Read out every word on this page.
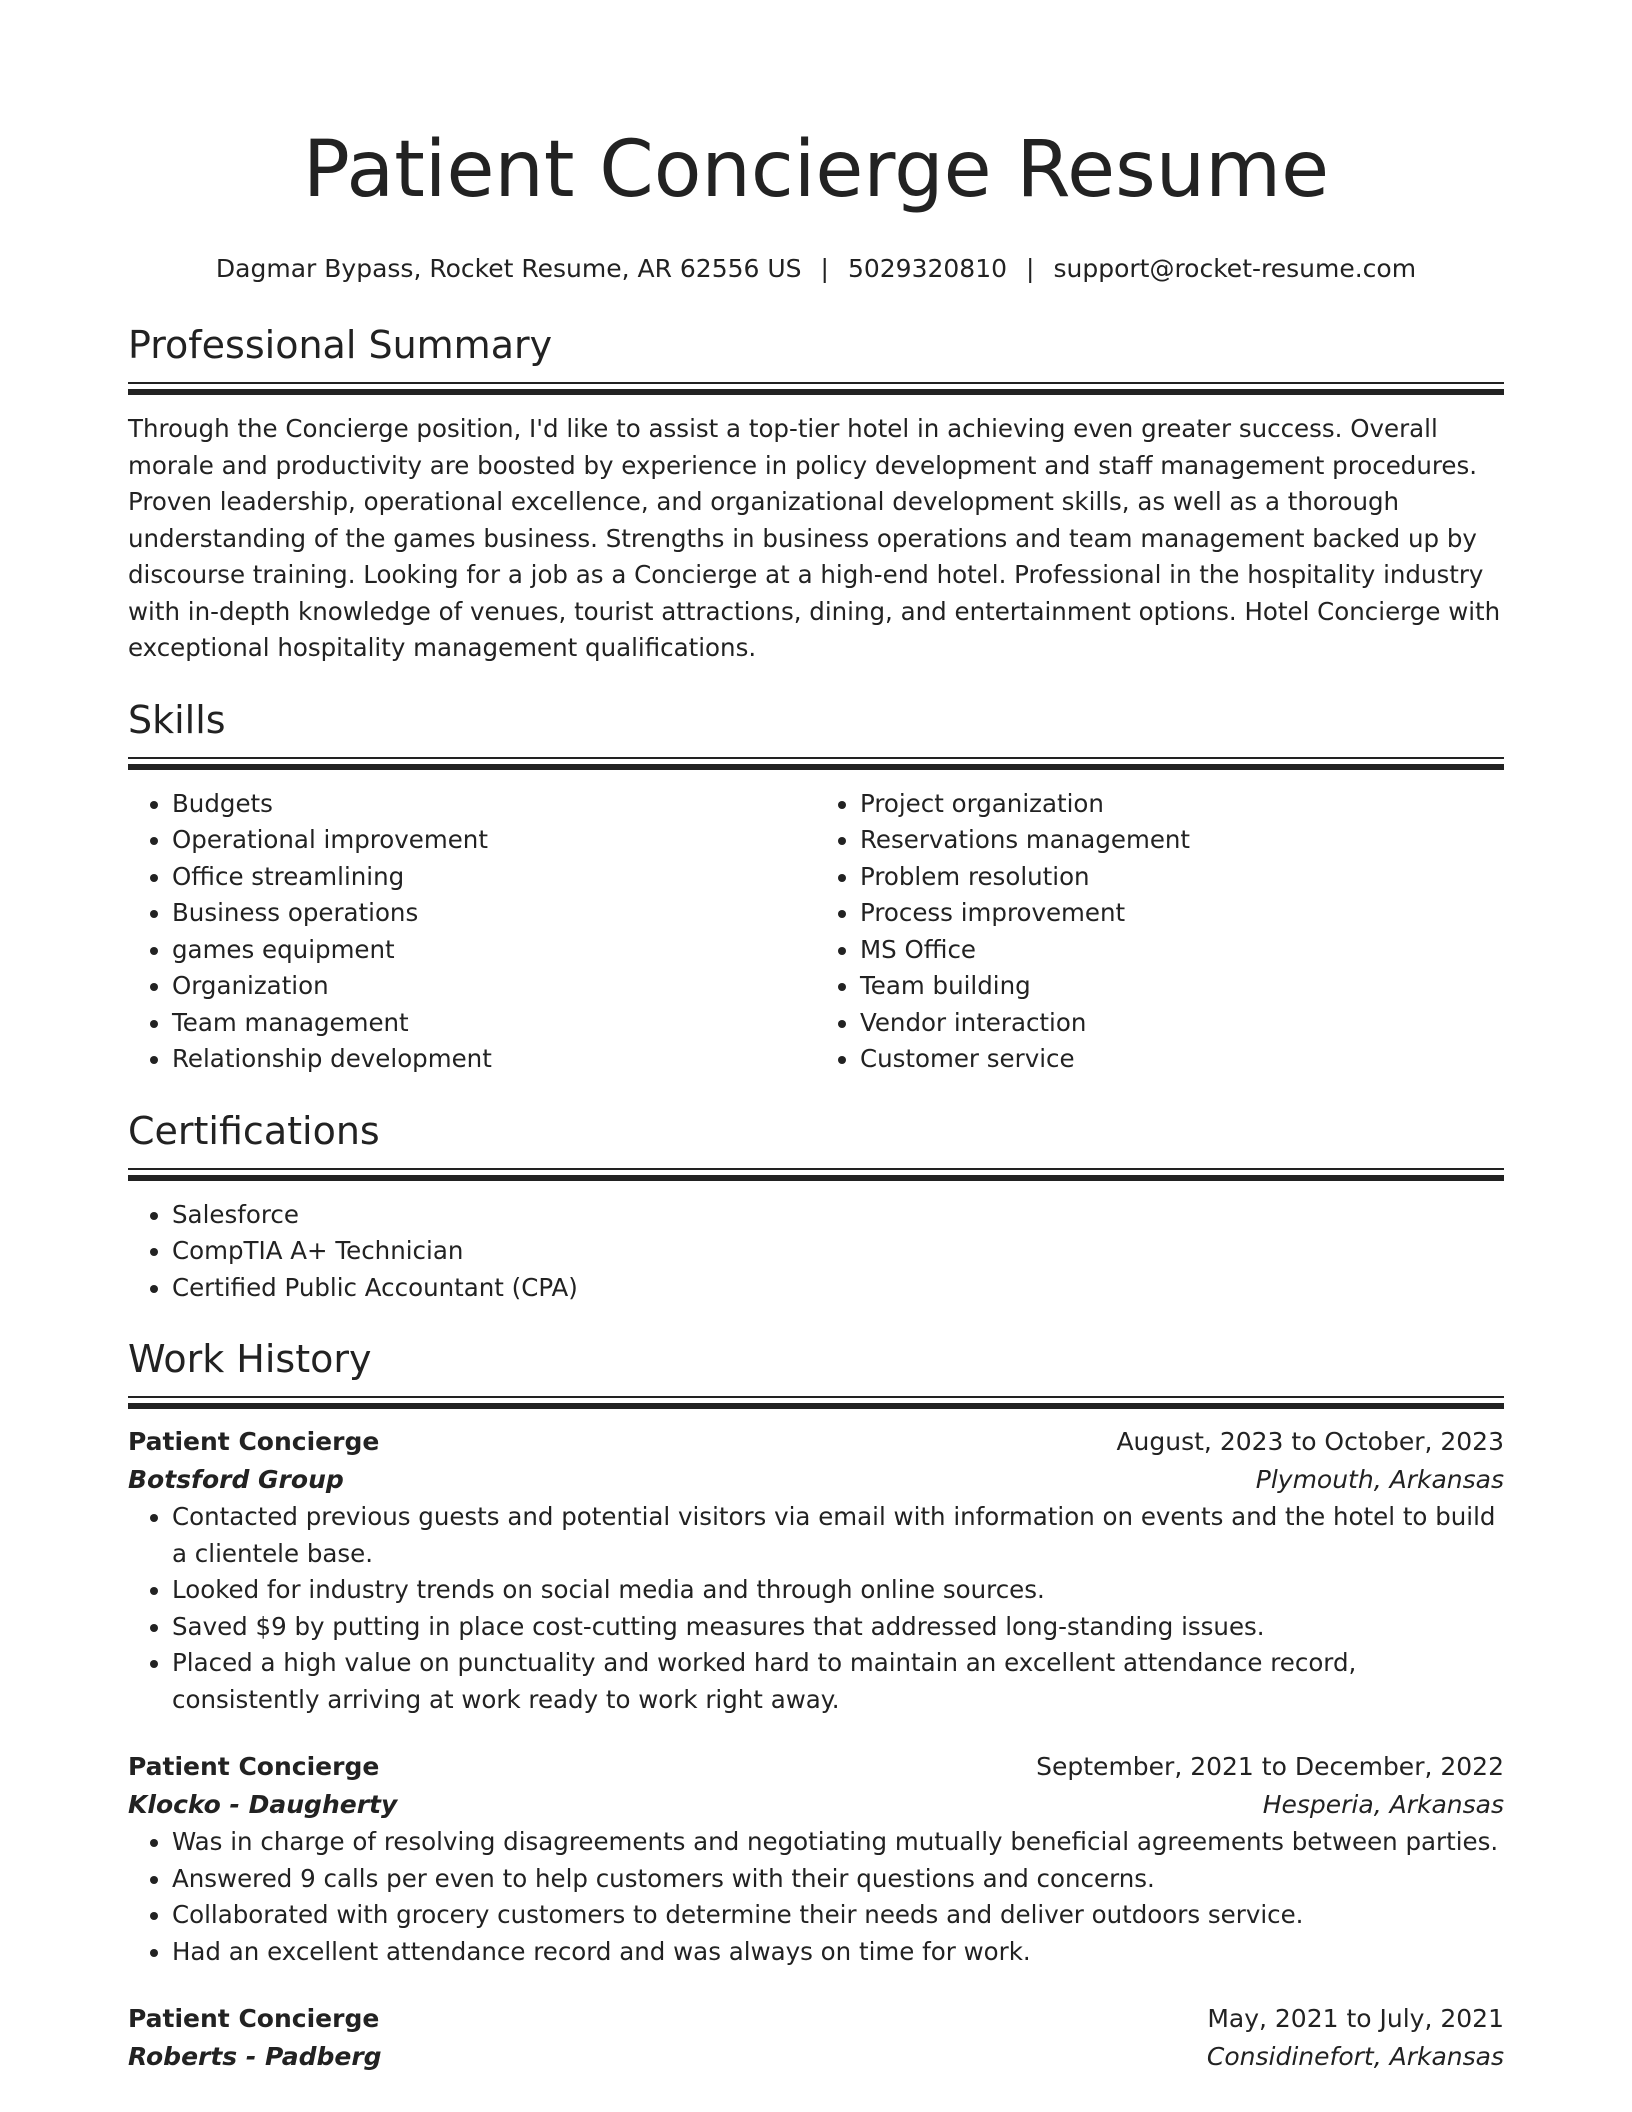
Patient Concierge Resume
Dagmar Bypass, Rocket Resume, AR 62556 US | 5029320810 | support@rocket-resume.com
Professional Summary
Through the Concierge position, I'd like to assist a top-tier hotel in achieving even greater success. Overall morale and productivity are boosted by experience in policy development and staff management procedures. Proven leadership, operational excellence, and organizational development skills, as well as a thorough understanding of the games business. Strengths in business operations and team management backed up by discourse training. Looking for a job as a Concierge at a high-end hotel. Professional in the hospitality industry with in-depth knowledge of venues, tourist attractions, dining, and entertainment options. Hotel Concierge with exceptional hospitality management qualifications.
Skills
• Budgets
• Operational improvement
• Office streamlining
• Business operations
• games equipment
• Organization
• Team management
• Relationship development
• Project organization
• Reservations management
• Problem resolution
• Process improvement
• MS Office
• Team building
• Vendor interaction
• Customer service
Certifications
• Salesforce
• CompTIA A+ Technician
• Certified Public Accountant (CPA)
Work History
Patient Concierge	August, 2023 to October, 2023
Botsford Group	Plymouth, Arkansas
• Contacted previous guests and potential visitors via email with information on events and the hotel to build a clientele base.
• Looked for industry trends on social media and through online sources.
• Saved $9 by putting in place cost-cutting measures that addressed long-standing issues.
• Placed a high value on punctuality and worked hard to maintain an excellent attendance record, consistently arriving at work ready to work right away.
Patient Concierge	September, 2021 to December, 2022
Klocko - Daugherty	Hesperia, Arkansas
• Was in charge of resolving disagreements and negotiating mutually beneficial agreements between parties.
• Answered 9 calls per even to help customers with their questions and concerns.
• Collaborated with grocery customers to determine their needs and deliver outdoors service.
• Had an excellent attendance record and was always on time for work.
Patient Concierge	May, 2021 to July, 2021
Roberts - Padberg	Considinefort, Arkansas
